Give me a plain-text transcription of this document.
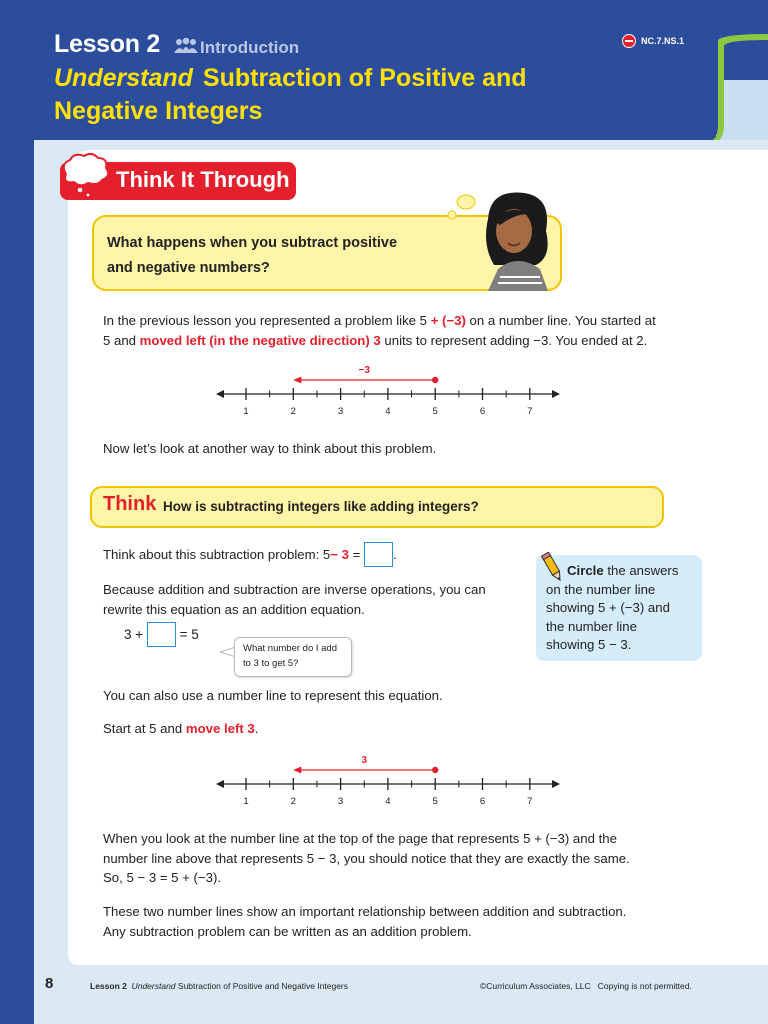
Lesson 2 Introduction	NC.7.NS.1
Understand Subtraction of Positive and
Negative Integers
Think It Through
What happens when you subtract positive
and negative numbers?
In the previous lesson you represented a problem like 5 + (−3) on a number line. You started at
5 and moved left (in the negative direction) 3 units to represent adding −3. You ended at 2.
1	2	3	4	5	6	7
−3
Now let’s look at another way to think about this problem.
Think How is subtracting integers like adding integers?
Think about this subtraction problem: 5 − 3 = .
Because addition and subtraction are inverse operations, you can
rewrite this equation as an addition equation.
3 + = 5
What number do I add
to 3 to get 5?
Circle the answers
on the number line
showing 5 + (−3) and
the number line
showing 5 − 3.
You can also use a number line to represent this equation.
Start at 5 and move left 3.
1	2	3	4	5	6	7
3
When you look at the number line at the top of the page that represents 5 + (−3) and the
number line above that represents 5 − 3, you should notice that they are exactly the same.
So, 5 − 3 = 5 + (−3).
These two number lines show an important relationship between addition and subtraction.
Any subtraction problem can be written as an addition problem.
8	Lesson 2 Understand Subtraction of Positive and Negative Integers	©Curriculum Associates, LLC Copying is not permitted.
